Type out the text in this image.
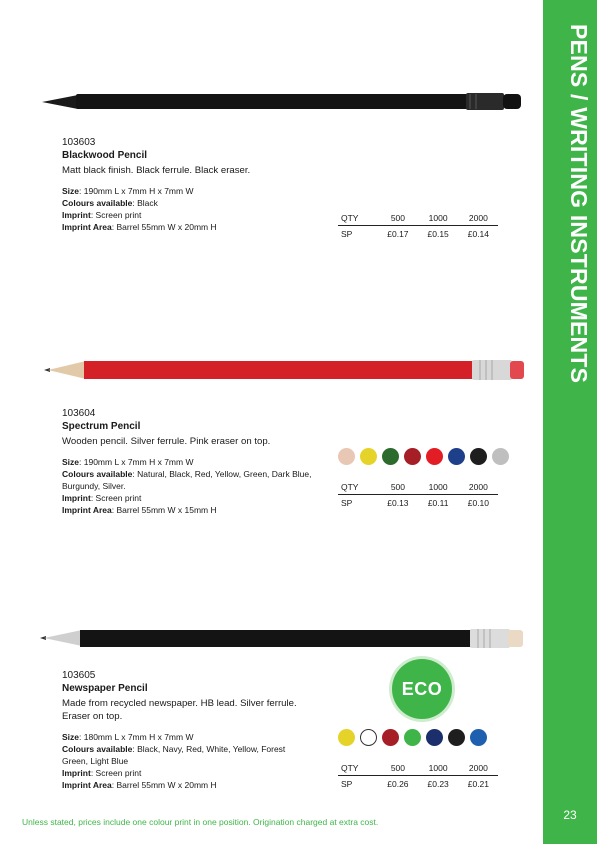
PENS / WRITING INSTRUMENTS
23
103603
Blackwood Pencil
Matt black finish. Black ferrule. Black eraser.
Size: 190mm L x 7mm H x 7mm W
Colours available: Black
Imprint: Screen print
Imprint Area: Barrel 55mm W x 20mm H
QTY	500	1000	2000
SP	£0.17	£0.15	£0.14
103604
Spectrum Pencil
Wooden pencil. Silver ferrule. Pink eraser on top.
Size: 190mm L x 7mm H x 7mm W
Colours available: Natural, Black, Red, Yellow, Green, Dark Blue, Burgundy, Silver.
Imprint: Screen print
Imprint Area: Barrel 55mm W x 15mm H
QTY	500	1000	2000
SP	£0.13	£0.11	£0.10
ECO
103605
Newspaper Pencil
Made from recycled newspaper. HB lead. Silver ferrule. Eraser on top.
Size: 180mm L x 7mm H x 7mm W
Colours available: Black, Navy, Red, White, Yellow, Forest Green, Light Blue
Imprint: Screen print
Imprint Area: Barrel 55mm W x 20mm H
QTY	500	1000	2000
SP	£0.26	£0.23	£0.21
Unless stated, prices include one colour print in one position. Origination charged at extra cost.
